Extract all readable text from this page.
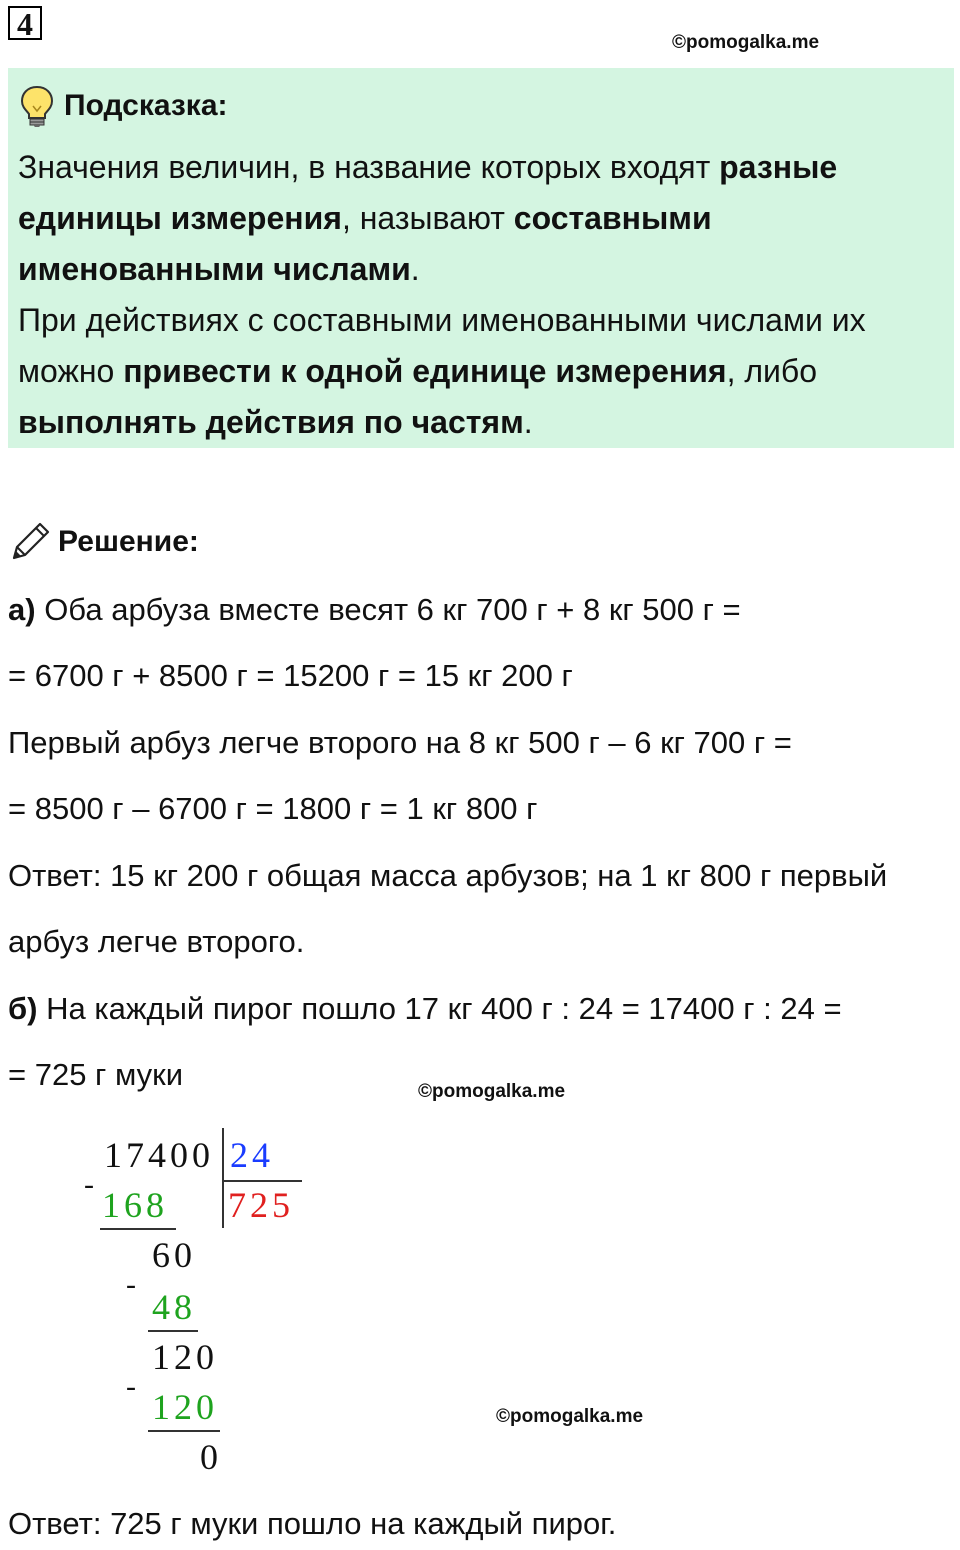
4
©pomogalka.me
Подсказка:
Значения величин, в название которых входят разные единицы измерения, называют составными именованными числами.
При действиях с составными именованными числами их можно привести к одной единице измерения, либо выполнять действия по частям.
Решение:
а) Оба арбуза вместе весят 6 кг 700 г + 8 кг 500 г =
= 6700 г + 8500 г = 15200 г = 15 кг 200 г
Первый арбуз легче второго на 8 кг 500 г – 6 кг 700 г =
= 8500 г – 6700 г = 1800 г = 1 кг 800 г
Ответ: 15 кг 200 г общая масса арбузов; на 1 кг 800 г первый
арбуз легче второго.
б) На каждый пирог пошло 17 кг 400 г : 24 = 17400 г : 24 =
= 725 г муки	©pomogalka.me
17400 24
725
-
168
60
-
48
120
-
120
0
©pomogalka.me
Ответ: 725 г муки пошло на каждый пирог.
